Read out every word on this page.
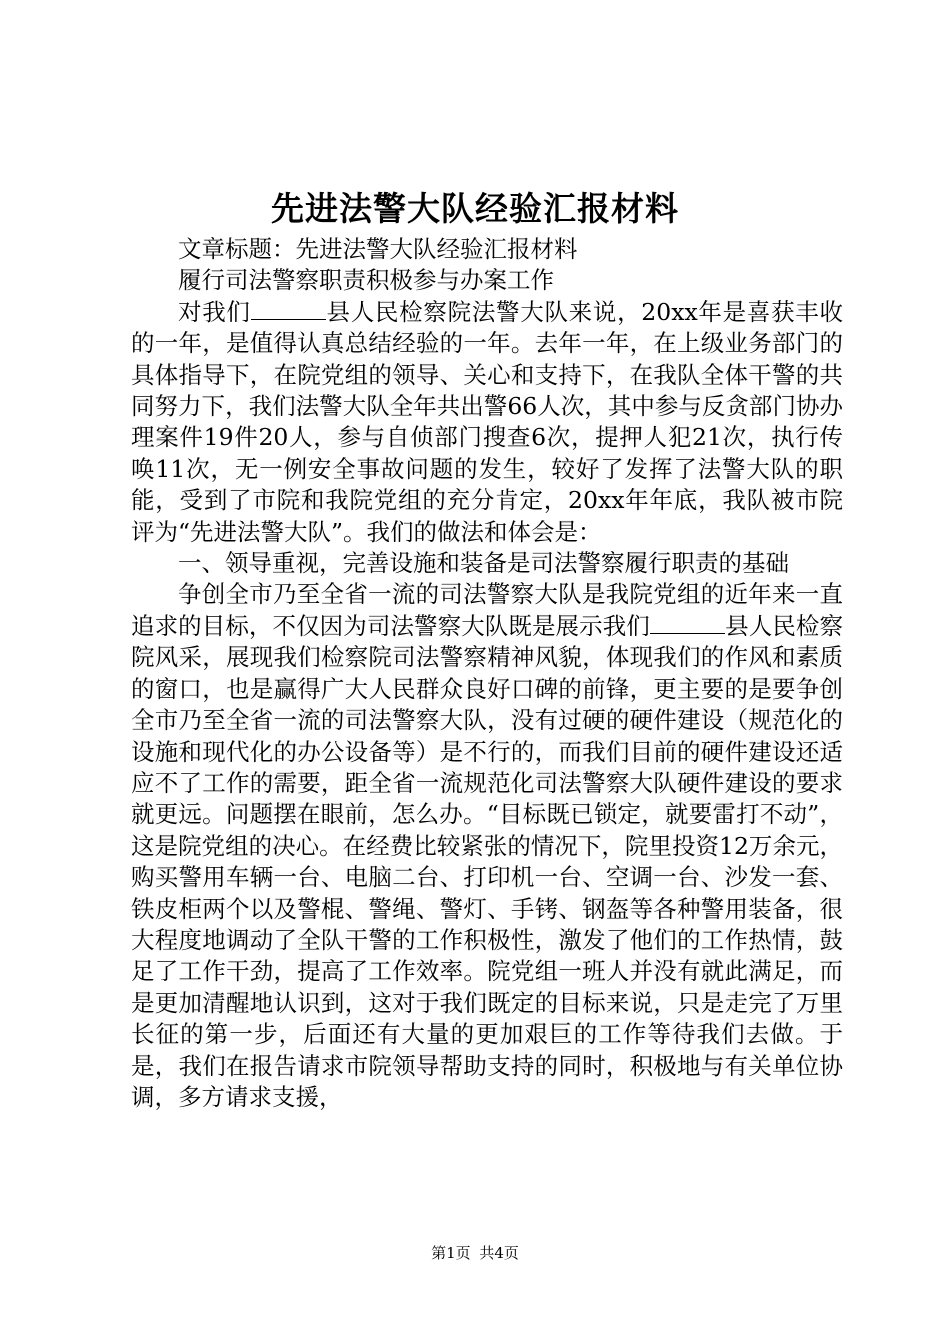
先进法警大队经验汇报材料

文章标题：先进法警大队经验汇报材料

履行司法警察职责积极参与办案工作

对我们	县人民检察院法警大队来说，20xx年是喜获丰收的一年，是值得认真总结经验的一年。去年一年，在上级业务部门的具体指导下，在院党组的领导、关心和支持下，在我队全体干警的共同努力下，我们法警大队全年共出警66人次，其中参与反贪部门协办理案件19件20人，参与自侦部门搜查6次，提押人犯21次，执行传唤11次，无一例安全事故问题的发生，较好了发挥了法警大队的职能，受到了市院和我院党组的充分肯定，20xx年年底，我队被市院评为“先进法警大队”。我们的做法和体会是：

一、领导重视，完善设施和装备是司法警察履行职责的基础

争创全市乃至全省一流的司法警察大队是我院党组的近年来一直追求的目标，不仅因为司法警察大队既是展示我们	县人民检察院风采，展现我们检察院司法警察精神风貌，体现我们的作风和素质的窗口，也是赢得广大人民群众良好口碑的前锋，更主要的是要争创全市乃至全省一流的司法警察大队，没有过硬的硬件建设（规范化的设施和现代化的办公设备等）是不行的，而我们目前的硬件建设还适应不了工作的需要，距全省一流规范化司法警察大队硬件建设的要求就更远。问题摆在眼前，怎么办。“目标既已锁定，就要雷打不动”，这是院党组的决心。在经费比较紧张的情况下，院里投资12万余元，购买警用车辆一台、电脑二台、打印机一台、空调一台、沙发一套、铁皮柜两个以及警棍、警绳、警灯、手铐、钢盔等各种警用装备，很大程度地调动了全队干警的工作积极性，激发了他们的工作热情，鼓足了工作干劲，提高了工作效率。院党组一班人并没有就此满足，而是更加清醒地认识到，这对于我们既定的目标来说，只是走完了万里长征的第一步，后面还有大量的更加艰巨的工作等待我们去做。于是，我们在报告请求市院领导帮助支持的同时，积极地与有关单位协调，多方请求支援，

第1页 共4页
